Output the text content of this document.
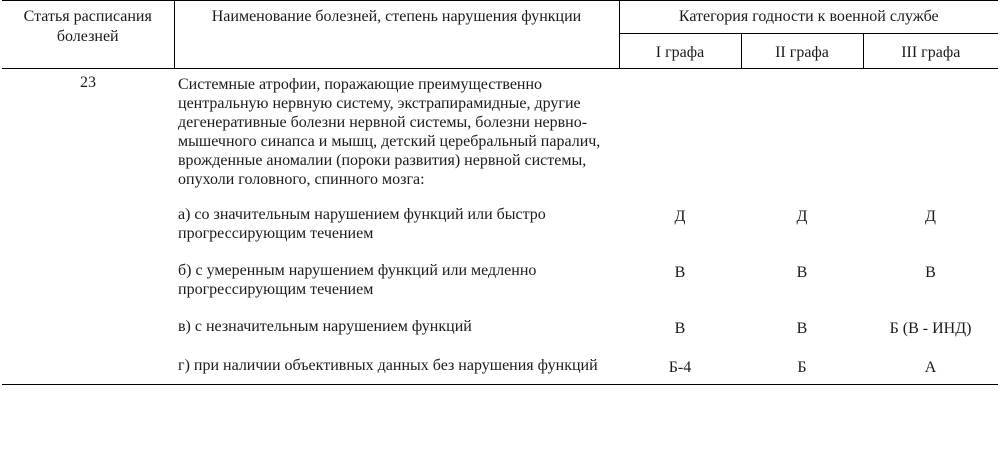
Статья расписания болезней	Наименование болезней, степень нарушения функции	Категория годности к военной службе		
		I графа	II графа	III графа
23	Системные атрофии, поражающие преимущественно центральную нервную систему, экстрапирамидные, другие дегенеративные болезни нервной системы, болезни нервно-мышечного синапса и мышц, детский церебральный паралич, врожденные аномалии (пороки развития) нервной системы, опухоли головного, спинного мозга:			
	а) со значительным нарушением функций или быстро прогрессирующим течением	Д	Д	Д
	б) с умеренным нарушением функций или медленно прогрессирующим течением	В	В	В
	в) с незначительным нарушением функций	В	В	Б (В - ИНД)
	г) при наличии объективных данных без нарушения функций	Б-4	Б	А
